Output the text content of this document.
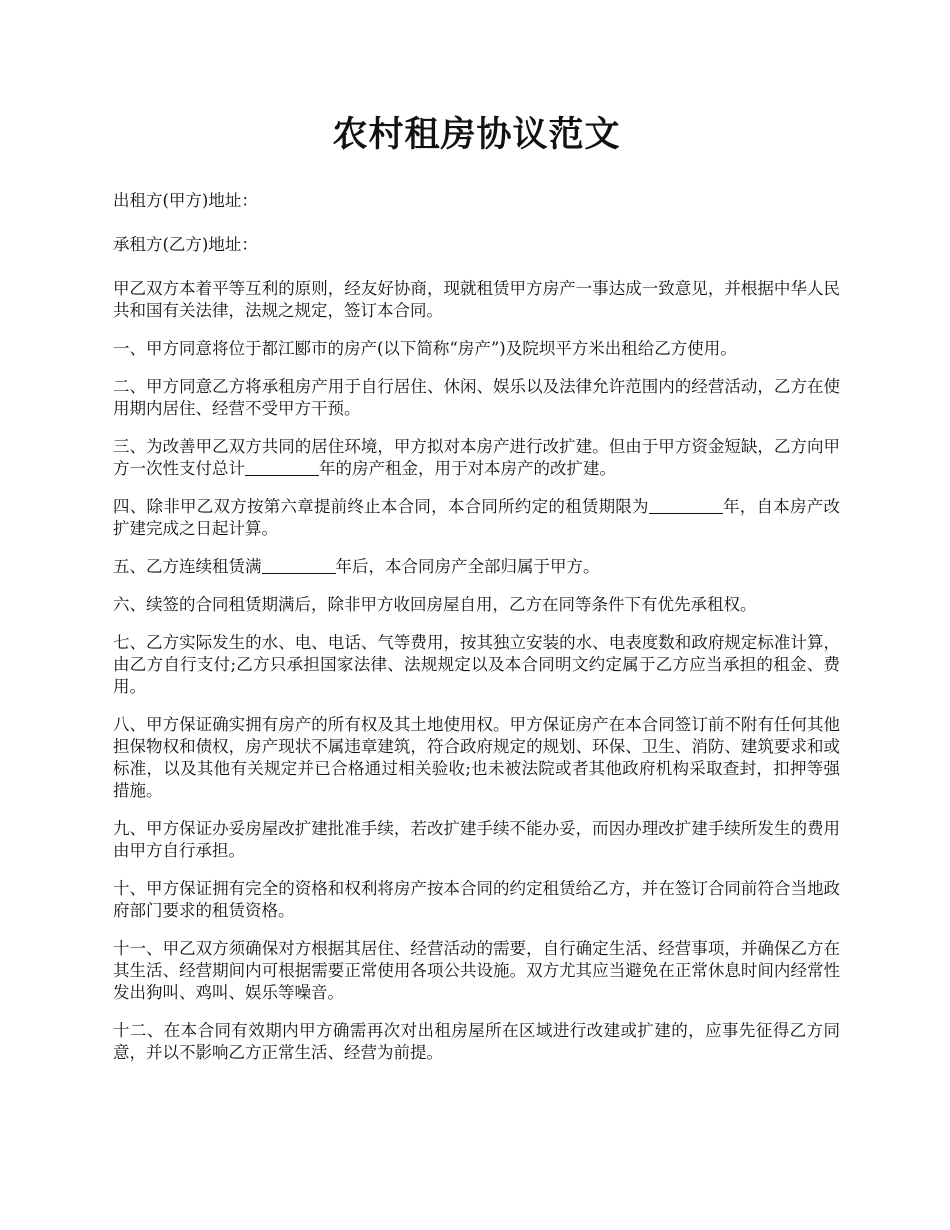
农村租房协议范文

出租方(甲方)地址：

承租方(乙方)地址：

甲乙双方本着平等互利的原则，经友好协商，现就租赁甲方房产一事达成一致意见，并根据中华人民共和国有关法律，法规之规定，签订本合同。

一、甲方同意将位于都江郾市的房产(以下简称“房产”)及院坝平方米出租给乙方使用。

二、甲方同意乙方将承租房产用于自行居住、休闲、娱乐以及法律允许范围内的经营活动，乙方在使用期内居住、经营不受甲方干预。

三、为改善甲乙双方共同的居住环境，甲方拟对本房产进行改扩建。但由于甲方资金短缺，乙方向甲方一次性支付总计	年的房产租金，用于对本房产的改扩建。

四、除非甲乙双方按第六章提前终止本合同，本合同所约定的租赁期限为	年，自本房产改扩建完成之日起计算。

五、乙方连续租赁满	年后，本合同房产全部归属于甲方。

六、续签的合同租赁期满后，除非甲方收回房屋自用，乙方在同等条件下有优先承租权。

七、乙方实际发生的水、电、电话、气等费用，按其独立安装的水、电表度数和政府规定标准计算，由乙方自行支付;乙方只承担国家法律、法规规定以及本合同明文约定属于乙方应当承担的租金、费用。

八、甲方保证确实拥有房产的所有权及其土地使用权。甲方保证房产在本合同签订前不附有任何其他担保物权和债权，房产现状不属违章建筑，符合政府规定的规划、环保、卫生、消防、建筑要求和或标准，以及其他有关规定并已合格通过相关验收;也未被法院或者其他政府机构采取查封，扣押等强措施。

九、甲方保证办妥房屋改扩建批准手续，若改扩建手续不能办妥，而因办理改扩建手续所发生的费用由甲方自行承担。

十、甲方保证拥有完全的资格和权利将房产按本合同的约定租赁给乙方，并在签订合同前符合当地政府部门要求的租赁资格。

十一、甲乙双方须确保对方根据其居住、经营活动的需要，自行确定生活、经营事项，并确保乙方在其生活、经营期间内可根据需要正常使用各项公共设施。双方尤其应当避免在正常休息时间内经常性发出狗叫、鸡叫、娱乐等噪音。

十二、在本合同有效期内甲方确需再次对出租房屋所在区域进行改建或扩建的，应事先征得乙方同意，并以不影响乙方正常生活、经营为前提。
